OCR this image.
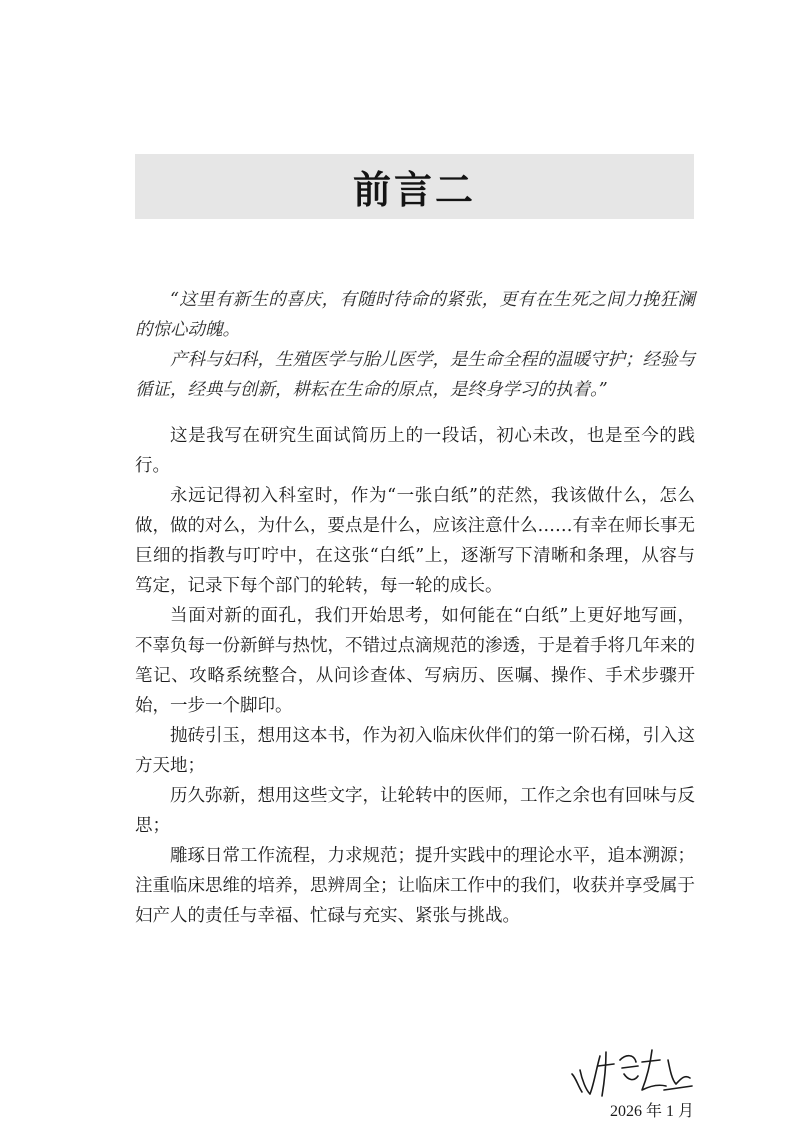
前言二

“这里有新生的喜庆，有随时待命的紧张，更有在生死之间力挽狂澜的惊心动魄。

产科与妇科，生殖医学与胎儿医学，是生命全程的温暖守护；经验与循证，经典与创新，耕耘在生命的原点，是终身学习的执着。”

这是我写在研究生面试简历上的一段话，初心未改，也是至今的践行。

永远记得初入科室时，作为“一张白纸”的茫然，我该做什么，怎么做，做的对么，为什么，要点是什么，应该注意什么……有幸在师长事无巨细的指教与叮咛中，在这张“白纸”上，逐渐写下清晰和条理，从容与笃定，记录下每个部门的轮转，每一轮的成长。

当面对新的面孔，我们开始思考，如何能在“白纸”上更好地写画，不辜负每一份新鲜与热忱，不错过点滴规范的渗透，于是着手将几年来的笔记、攻略系统整合，从问诊查体、写病历、医嘱、操作、手术步骤开始，一步一个脚印。

抛砖引玉，想用这本书，作为初入临床伙伴们的第一阶石梯，引入这方天地；

历久弥新，想用这些文字，让轮转中的医师，工作之余也有回味与反思；

雕琢日常工作流程，力求规范；提升实践中的理论水平，追本溯源；注重临床思维的培养，思辨周全；让临床工作中的我们，收获并享受属于妇产人的责任与幸福、忙碌与充实、紧张与挑战。

2026 年 1 月
